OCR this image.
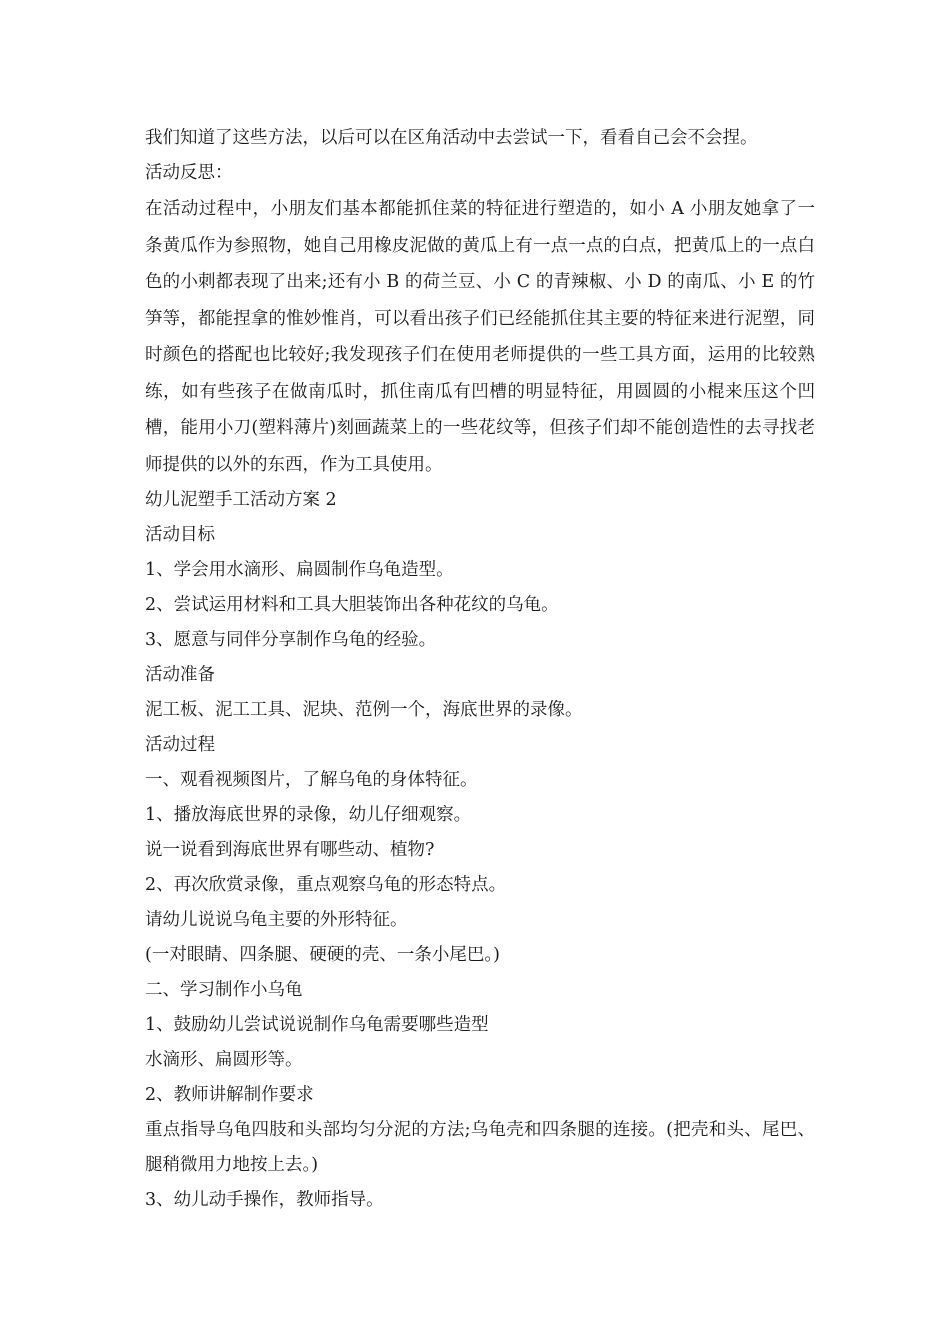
我们知道了这些方法，以后可以在区角活动中去尝试一下，看看自己会不会捏。

活动反思：

在活动过程中，小朋友们基本都能抓住菜的特征进行塑造的，如小 A 小朋友她拿了一条黄瓜作为参照物，她自己用橡皮泥做的黄瓜上有一点一点的白点，把黄瓜上的一点白色的小刺都表现了出来;还有小 B 的荷兰豆、小 C 的青辣椒、小 D 的南瓜、小 E 的竹笋等，都能捏拿的惟妙惟肖，可以看出孩子们已经能抓住其主要的特征来进行泥塑，同时颜色的搭配也比较好;我发现孩子们在使用老师提供的一些工具方面，运用的比较熟练，如有些孩子在做南瓜时，抓住南瓜有凹槽的明显特征，用圆圆的小棍来压这个凹槽，能用小刀(塑料薄片)刻画蔬菜上的一些花纹等，但孩子们却不能创造性的去寻找老师提供的以外的东西，作为工具使用。

幼儿泥塑手工活动方案 2

活动目标

1、学会用水滴形、扁圆制作乌龟造型。

2、尝试运用材料和工具大胆装饰出各种花纹的乌龟。

3、愿意与同伴分享制作乌龟的经验。

活动准备

泥工板、泥工工具、泥块、范例一个，海底世界的录像。

活动过程

一、观看视频图片，了解乌龟的身体特征。

1、播放海底世界的录像，幼儿仔细观察。

说一说看到海底世界有哪些动、植物?

2、再次欣赏录像，重点观察乌龟的形态特点。

请幼儿说说乌龟主要的外形特征。

(一对眼睛、四条腿、硬硬的壳、一条小尾巴。)

二、学习制作小乌龟

1、鼓励幼儿尝试说说制作乌龟需要哪些造型

水滴形、扁圆形等。

2、教师讲解制作要求

重点指导乌龟四肢和头部均匀分泥的方法;乌龟壳和四条腿的连接。(把壳和头、尾巴、腿稍微用力地按上去。)

3、幼儿动手操作，教师指导。
